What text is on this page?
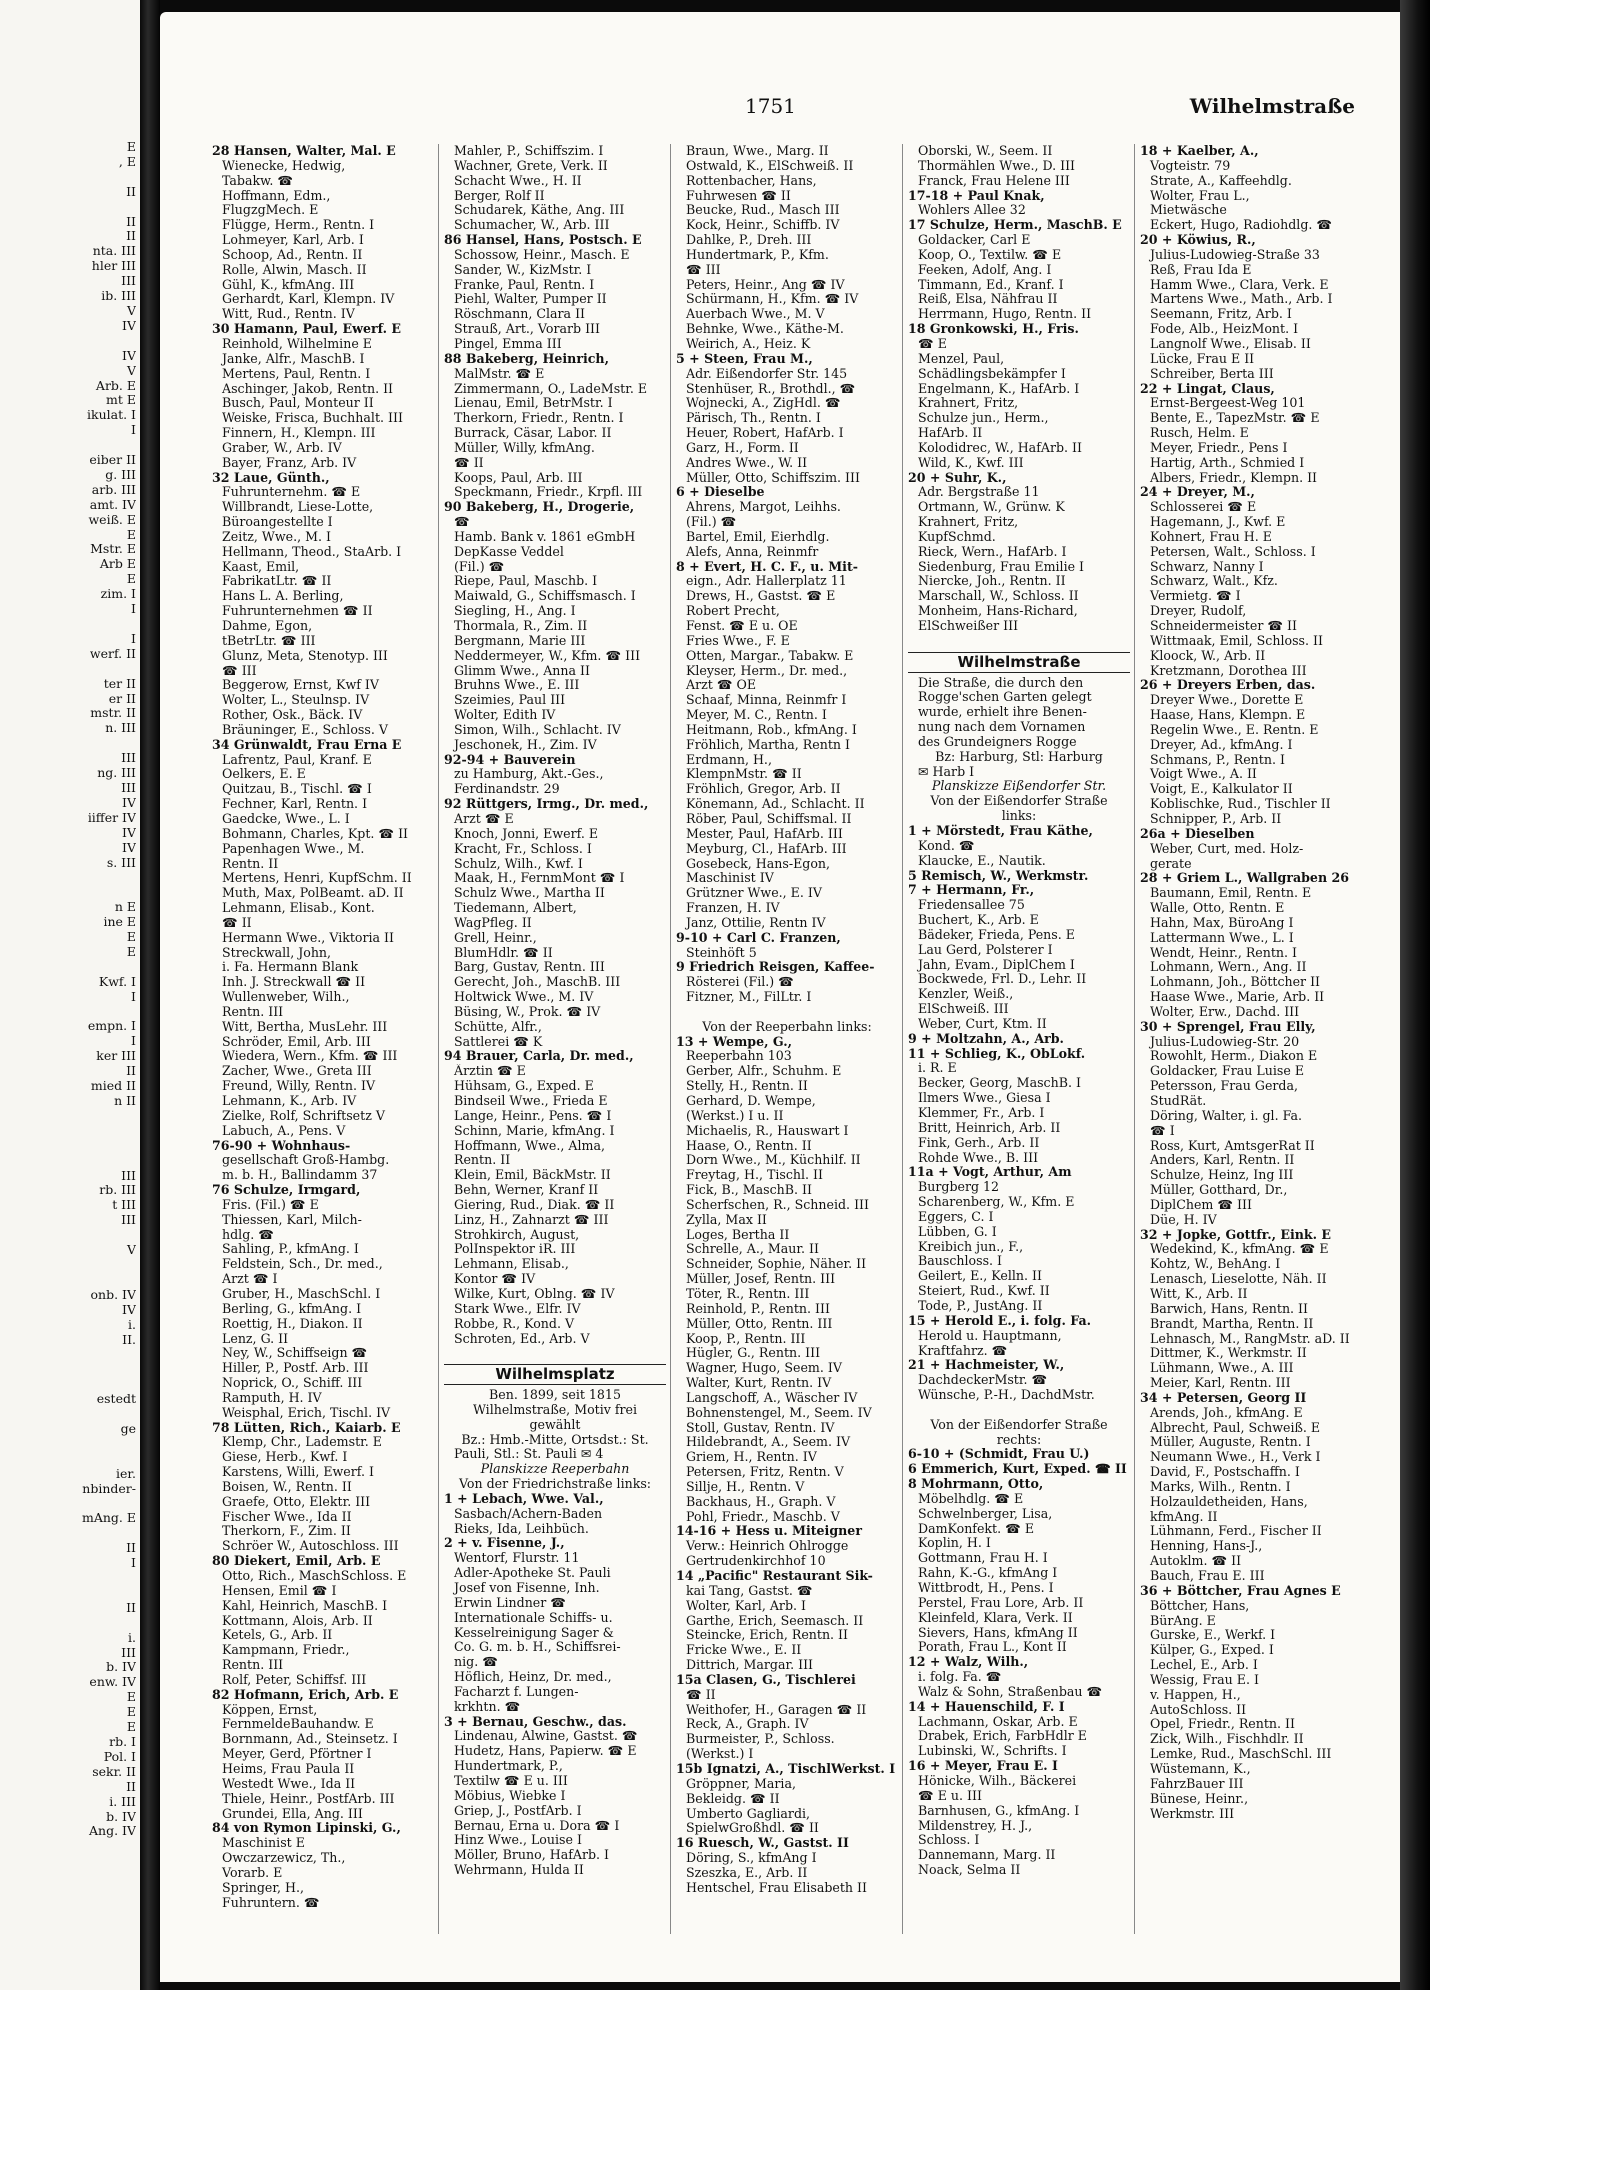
E
, E

II

II
II
nta. III
hler III
III
ib. III
V
IV

IV
V
Arb. E
mt E
ikulat. I
I

eiber II
g. III
arb. III
amt. IV
weiß. E
E
Mstr. E
Arb E
E
zim. I
I

I
werf. II

ter II
er II
mstr. II
n. III

III
ng. III
III
IV
iiffer IV
IV
IV
s. III

n E
ine E
E
E

Kwf. I
I

empn. I
I
ker III
II
mied II
n II

III
rb. III
t III
III

V

onb. IV
IV
i.
II.

estedt

ge

ier.
nbinder-

mAng. E

II
I

II

i.
III
b. IV
enw. IV
E
E
E
rb. I
Pol. I
sekr. II
II
i. III
b. IV
Ang. IV
1751	Wilhelmstraße
28 Hansen, Walter, Mal. E
Wienecke, Hedwig,
Tabakw. ☎
Hoffmann, Edm.,
FlugzgMech. E
Flügge, Herm., Rentn. I
Lohmeyer, Karl, Arb. I
Schoop, Ad., Rentn. II
Rolle, Alwin, Masch. II
Gühl, K., kfmAng. III
Gerhardt, Karl, Klempn. IV
Witt, Rud., Rentn. IV
30 Hamann, Paul, Ewerf. E
Reinhold, Wilhelmine E
Janke, Alfr., MaschB. I
Mertens, Paul, Rentn. I
Aschinger, Jakob, Rentn. II
Busch, Paul, Monteur II
Weiske, Frisca, Buchhalt. III
Finnern, H., Klempn. III
Graber, W., Arb. IV
Bayer, Franz, Arb. IV
32 Laue, Günth.,
Fuhrunternehm. ☎ E
Willbrandt, Liese-Lotte,
Büroangestellte I
Zeitz, Wwe., M. I
Hellmann, Theod., StaArb. I
Kaast, Emil,
FabrikatLtr. ☎ II
Hans L. A. Berling,
Fuhrunternehmen ☎ II
Dahme, Egon,
tBetrLtr. ☎ III
Glunz, Meta, Stenotyp. III
☎ III
Beggerow, Ernst, Kwf IV
Wolter, L., Steulnsp. IV
Rother, Osk., Bäck. IV
Bräuninger, E., Schloss. V
34 Grünwaldt, Frau Erna E
Lafrentz, Paul, Kranf. E
Oelkers, E. E
Quitzau, B., Tischl. ☎ I
Fechner, Karl, Rentn. I
Gaedcke, Wwe., L. I
Bohmann, Charles, Kpt. ☎ II
Papenhagen Wwe., M.
Rentn. II
Mertens, Henri, KupfSchm. II
Muth, Max, PolBeamt. aD. II
Lehmann, Elisab., Kont.
☎ II
Hermann Wwe., Viktoria II
Streckwall, John,
i. Fa. Hermann Blank
Inh. J. Streckwall ☎ II
Wullenweber, Wilh.,
Rentn. III
Witt, Bertha, MusLehr. III
Schröder, Emil, Arb. III
Wiedera, Wern., Kfm. ☎ III
Zacher, Wwe., Greta III
Freund, Willy, Rentn. IV
Lehmann, K., Arb. IV
Zielke, Rolf, Schriftsetz V
Labuch, A., Pens. V
76-90 + Wohnhaus-
gesellschaft Groß-Hambg.
m. b. H., Ballindamm 37
76 Schulze, Irmgard,
Fris. (Fil.) ☎ E
Thiessen, Karl, Milch-
hdlg. ☎
Sahling, P., kfmAng. I
Feldstein, Sch., Dr. med.,
Arzt ☎ I
Gruber, H., MaschSchl. I
Berling, G., kfmAng. I
Roettig, H., Diakon. II
Lenz, G. II
Ney, W., Schiffseign ☎
Hiller, P., Postf. Arb. III
Noprick, O., Schiff. III
Ramputh, H. IV
Weisphal, Erich, Tischl. IV
78 Lütten, Rich., Kaiarb. E
Klemp, Chr., Lademstr. E
Giese, Herb., Kwf. I
Karstens, Willi, Ewerf. I
Boisen, W., Rentn. II
Graefe, Otto, Elektr. III
Fischer Wwe., Ida II
Therkorn, F., Zim. II
Schröer W., Autoschloss. III
80 Diekert, Emil, Arb. E
Otto, Rich., MaschSchloss. E
Hensen, Emil ☎ I
Kahl, Heinrich, MaschB. I
Kottmann, Alois, Arb. II
Ketels, G., Arb. II
Kampmann, Friedr.,
Rentn. III
Rolf, Peter, Schiffsf. III
82 Hofmann, Erich, Arb. E
Köppen, Ernst,
FernmeldeBauhandw. E
Bornmann, Ad., Steinsetz. I
Meyer, Gerd, Pförtner I
Heims, Frau Paula II
Westedt Wwe., Ida II
Thiele, Heinr., PostfArb. III
Grundei, Ella, Ang. III
84 von Rymon Lipinski, G.,
Maschinist E
Owczarzewicz, Th.,
Vorarb. E
Springer, H.,
Fuhruntern. ☎
Mahler, P., Schiffszim. I
Wachner, Grete, Verk. II
Schacht Wwe., H. II
Berger, Rolf II
Schudarek, Käthe, Ang. III
Schumacher, W., Arb. III
86 Hansel, Hans, Postsch. E
Schossow, Heinr., Masch. E
Sander, W., KizMstr. I
Franke, Paul, Rentn. I
Piehl, Walter, Pumper II
Röschmann, Clara II
Strauß, Art., Vorarb III
Pingel, Emma III
88 Bakeberg, Heinrich,
MalMstr. ☎ E
Zimmermann, O., LadeMstr. E
Lienau, Emil, BetrMstr. I
Therkorn, Friedr., Rentn. I
Burrack, Cäsar, Labor. II
Müller, Willy, kfmAng.
☎ II
Koops, Paul, Arb. III
Speckmann, Friedr., Krpfl. III
90 Bakeberg, H., Drogerie,
☎
Hamb. Bank v. 1861 eGmbH
DepKasse Veddel
(Fil.) ☎
Riepe, Paul, Maschb. I
Maiwald, G., Schiffsmasch. I
Siegling, H., Ang. I
Thormala, R., Zim. II
Bergmann, Marie III
Neddermeyer, W., Kfm. ☎ III
Glimm Wwe., Anna II
Bruhns Wwe., E. III
Szeimies, Paul III
Wolter, Edith IV
Simon, Wilh., Schlacht. IV
Jeschonek, H., Zim. IV
92-94 + Bauverein
zu Hamburg, Akt.-Ges.,
Ferdinandstr. 29
92 Rüttgers, Irmg., Dr. med.,
Arzt ☎ E
Knoch, Jonni, Ewerf. E
Kracht, Fr., Schloss. I
Schulz, Wilh., Kwf. I
Maak, H., FernmMont ☎ I
Schulz Wwe., Martha II
Tiedemann, Albert,
WagPfleg. II
Grell, Heinr.,
BlumHdlr. ☎ II
Barg, Gustav, Rentn. III
Gerecht, Joh., MaschB. III
Holtwick Wwe., M. IV
Büsing, W., Prok. ☎ IV
Schütte, Alfr.,
Sattlerei ☎ K
94 Brauer, Carla, Dr. med.,
Ärztin ☎ E
Hühsam, G., Exped. E
Bindseil Wwe., Frieda E
Lange, Heinr., Pens. ☎ I
Schinn, Marie, kfmAng. I
Hoffmann, Wwe., Alma,
Rentn. II
Klein, Emil, BäckMstr. II
Behn, Werner, Kranf II
Giering, Rud., Diak. ☎ II
Linz, H., Zahnarzt ☎ III
Strohkirch, August,
PolInspektor iR. III
Lehmann, Elisab.,
Kontor ☎ IV
Wilke, Kurt, Oblng. ☎ IV
Stark Wwe., Elfr. IV
Robbe, R., Kond. V
Schroten, Ed., Arb. V

Wilhelmsplatz
Ben. 1899, seit 1815
Wilhelmstraße, Motiv frei
gewählt
Bz.: Hmb.-Mitte, Ortsdst.: St.
Pauli, Stl.: St. Pauli ✉ 4
Planskizze Reeperbahn
Von der Friedrichstraße links:
1 + Lebach, Wwe. Val.,
Sasbach/Achern-Baden
Rieks, Ida, Leihbüch.
2 + v. Fisenne, J.,
Wentorf, Flurstr. 11
Adler-Apotheke St. Pauli
Josef von Fisenne, Inh.
Erwin Lindner ☎
Internationale Schiffs- u.
Kesselreinigung Sager &
Co. G. m. b. H., Schiffsrei-
nig. ☎
Höflich, Heinz, Dr. med.,
Facharzt f. Lungen-
krkhtn. ☎
3 + Bernau, Geschw., das.
Lindenau, Alwine, Gastst. ☎
Hudetz, Hans, Papierw. ☎ E
Hundertmark, P.,
Textilw ☎ E u. III
Möbius, Wiebke I
Griep, J., PostfArb. I
Bernau, Erna u. Dora ☎ I
Hinz Wwe., Louise I
Möller, Bruno, HafArb. I
Wehrmann, Hulda II
Braun, Wwe., Marg. II
Ostwald, K., ElSchweiß. II
Rottenbacher, Hans,
Fuhrwesen ☎ II
Beucke, Rud., Masch III
Kock, Heinr., Schiffb. IV
Dahlke, P., Dreh. III
Hundertmark, P., Kfm.
☎ III
Peters, Heinr., Ang ☎ IV
Schürmann, H., Kfm. ☎ IV
Auerbach Wwe., M. V
Behnke, Wwe., Käthe-M.
Weirich, A., Heiz. K
5 + Steen, Frau M.,
Adr. Eißendorfer Str. 145
Stenhüser, R., Brothdl., ☎
Wojnecki, A., ZigHdl. ☎
Pärisch, Th., Rentn. I
Heuer, Robert, HafArb. I
Garz, H., Form. II
Andres Wwe., W. II
Müller, Otto, Schiffszim. III
6 + Dieselbe
Ahrens, Margot, Leihhs.
(Fil.) ☎
Bartel, Emil, Eierhdlg.
Alefs, Anna, Reinmfr
8 + Evert, H. C. F., u. Mit-
eign., Adr. Hallerplatz 11
Drews, H., Gastst. ☎ E
Robert Precht,
Fenst. ☎ E u. OE
Fries Wwe., F. E
Otten, Margar., Tabakw. E
Kleyser, Herm., Dr. med.,
Arzt ☎ OE
Schaaf, Minna, Reinmfr I
Meyer, M. C., Rentn. I
Heitmann, Rob., kfmAng. I
Fröhlich, Martha, Rentn I
Erdmann, H.,
KlempnMstr. ☎ II
Fröhlich, Gregor, Arb. II
Könemann, Ad., Schlacht. II
Röber, Paul, Schiffsmal. II
Mester, Paul, HafArb. III
Meyburg, Cl., HafArb. III
Gosebeck, Hans-Egon,
Maschinist IV
Grützner Wwe., E. IV
Franzen, H. IV
Janz, Ottilie, Rentn IV
9-10 + Carl C. Franzen,
Steinhöft 5
9 Friedrich Reisgen, Kaffee-
Rösterei (Fil.) ☎
Fitzner, M., FilLtr. I

Von der Reeperbahn links:
13 + Wempe, G.,
Reeperbahn 103
Gerber, Alfr., Schuhm. E
Stelly, H., Rentn. II
Gerhard, D. Wempe,
(Werkst.) I u. II
Michaelis, R., Hauswart I
Haase, O., Rentn. II
Dorn Wwe., M., Küchhilf. II
Freytag, H., Tischl. II
Fick, B., MaschB. II
Scherfschen, R., Schneid. III
Zylla, Max II
Loges, Bertha II
Schrelle, A., Maur. II
Schneider, Sophie, Näher. II
Müller, Josef, Rentn. III
Töter, R., Rentn. III
Reinhold, P., Rentn. III
Müller, Otto, Rentn. III
Koop, P., Rentn. III
Hügler, G., Rentn. III
Wagner, Hugo, Seem. IV
Walter, Kurt, Rentn. IV
Langschoff, A., Wäscher IV
Bohnenstengel, M., Seem. IV
Stoll, Gustav, Rentn. IV
Hildebrandt, A., Seem. IV
Griem, H., Rentn. IV
Petersen, Fritz, Rentn. V
Sillje, H., Rentn. V
Backhaus, H., Graph. V
Pohl, Friedr., Maschb. V
14-16 + Hess u. Miteigner
Verw.: Heinrich Ohlrogge
Gertrudenkirchhof 10
14 „Pacific" Restaurant Sik-
kai Tang, Gastst. ☎
Wolter, Karl, Arb. I
Garthe, Erich, Seemasch. II
Steincke, Erich, Rentn. II
Fricke Wwe., E. II
Dittrich, Margar. III
15a Clasen, G., Tischlerei
☎ II
Weithofer, H., Garagen ☎ II
Reck, A., Graph. IV
Burmeister, P., Schloss.
(Werkst.) I
15b Ignatzi, A., TischlWerkst. I
Gröppner, Maria,
Bekleidg. ☎ II
Umberto Gagliardi,
SpielwGroßhdl. ☎ II
16 Ruesch, W., Gastst. II
Döring, S., kfmAng I
Szeszka, E., Arb. II
Hentschel, Frau Elisabeth II
Oborski, W., Seem. II
Thormählen Wwe., D. III
Franck, Frau Helene III
17-18 + Paul Knak,
Wohlers Allee 32
17 Schulze, Herm., MaschB. E
Goldacker, Carl E
Koop, O., Textilw. ☎ E
Feeken, Adolf, Ang. I
Timmann, Ed., Kranf. I
Reiß, Elsa, Nähfrau II
Herrmann, Hugo, Rentn. II
18 Gronkowski, H., Fris.
☎ E
Menzel, Paul,
Schädlingsbekämpfer I
Engelmann, K., HafArb. I
Krahnert, Fritz,
Schulze jun., Herm.,
HafArb. II
Kolodidrec, W., HafArb. II
Wild, K., Kwf. III
20 + Suhr, K.,
Adr. Bergstraße 11
Ortmann, W., Grünw. K
Krahnert, Fritz,
KupfSchmd.
Rieck, Wern., HafArb. I
Siedenburg, Frau Emilie I
Niercke, Joh., Rentn. II
Marschall, W., Schloss. II
Monheim, Hans-Richard,
ElSchweißer III

Wilhelmstraße
Die Straße, die durch den
Rogge'schen Garten gelegt
wurde, erhielt ihre Benen-
nung nach dem Vornamen
des Grundeigners Rogge
Bz: Harburg, Stl: Harburg
✉ Harb I
Planskizze Eißendorfer Str.
Von der Eißendorfer Straße
links:
1 + Mörstedt, Frau Käthe,
Kond. ☎
Klaucke, E., Nautik.
5 Remisch, W., Werkmstr.
7 + Hermann, Fr.,
Friedensallee 75
Buchert, K., Arb. E
Bädeker, Frieda, Pens. E
Lau Gerd, Polsterer I
Jahn, Evam., DiplChem I
Bockwede, Frl. D., Lehr. II
Kenzler, Weiß.,
ElSchweiß. III
Weber, Curt, Ktm. II
9 + Moltzahn, A., Arb.
11 + Schlieg, K., ObLokf.
i. R. E
Becker, Georg, MaschB. I
Ilmers Wwe., Giesa I
Klemmer, Fr., Arb. I
Britt, Heinrich, Arb. II
Fink, Gerh., Arb. II
Rohde Wwe., B. III
11a + Vogt, Arthur, Am
Burgberg 12
Scharenberg, W., Kfm. E
Eggers, C. I
Lübben, G. I
Kreibich jun., F.,
Bauschloss. I
Geilert, E., Kelln. II
Steiert, Rud., Kwf. II
Tode, P., JustAng. II
15 + Herold E., i. folg. Fa.
Herold u. Hauptmann,
Kraftfahrz. ☎
21 + Hachmeister, W.,
DachdeckerMstr. ☎
Wünsche, P.-H., DachdMstr.

Von der Eißendorfer Straße
rechts:
6-10 + (Schmidt, Frau U.)
6 Emmerich, Kurt, Exped. ☎ II
8 Mohrmann, Otto,
Möbelhdlg. ☎ E
Schwelnberger, Lisa,
DamKonfekt. ☎ E
Koplin, H. I
Gottmann, Frau H. I
Rahn, K.-G., kfmAng I
Wittbrodt, H., Pens. I
Perstel, Frau Lore, Arb. II
Kleinfeld, Klara, Verk. II
Sievers, Hans, kfmAng II
Porath, Frau L., Kont II
12 + Walz, Wilh.,
i. folg. Fa. ☎
Walz & Sohn, Straßenbau ☎
14 + Hauenschild, F. I
Lachmann, Oskar, Arb. E
Drabek, Erich, FarbHdlr E
Lubinski, W., Schrifts. I
16 + Meyer, Frau E. I
Hönicke, Wilh., Bäckerei
☎ E u. III
Barnhusen, G., kfmAng. I
Mildenstrey, H. J.,
Schloss. I
Dannemann, Marg. II
Noack, Selma II
18 + Kaelber, A.,
Vogteistr. 79
Strate, A., Kaffeehdlg.
Wolter, Frau L.,
Mietwäsche
Eckert, Hugo, Radiohdlg. ☎
20 + Köwius, R.,
Julius-Ludowieg-Straße 33
Reß, Frau Ida E
Hamm Wwe., Clara, Verk. E
Martens Wwe., Math., Arb. I
Seemann, Fritz, Arb. I
Fode, Alb., HeizMont. I
Langnolf Wwe., Elisab. II
Lücke, Frau E II
Schreiber, Berta III
22 + Lingat, Claus,
Ernst-Bergeest-Weg 101
Bente, E., TapezMstr. ☎ E
Rusch, Helm. E
Meyer, Friedr., Pens I
Hartig, Arth., Schmied I
Albers, Friedr., Klempn. II
24 + Dreyer, M.,
Schlosserei ☎ E
Hagemann, J., Kwf. E
Kohnert, Frau H. E
Petersen, Walt., Schloss. I
Schwarz, Nanny I
Schwarz, Walt., Kfz.
Vermietg. ☎ I
Dreyer, Rudolf,
Schneidermeister ☎ II
Wittmaak, Emil, Schloss. II
Kloock, W., Arb. II
Kretzmann, Dorothea III
26 + Dreyers Erben, das.
Dreyer Wwe., Dorette E
Haase, Hans, Klempn. E
Regelin Wwe., E. Rentn. E
Dreyer, Ad., kfmAng. I
Schmans, P., Rentn. I
Voigt Wwe., A. II
Voigt, E., Kalkulator II
Koblischke, Rud., Tischler II
Schnipper, P., Arb. II
26a + Dieselben
Weber, Curt, med. Holz-
gerate
28 + Griem L., Wallgraben 26
Baumann, Emil, Rentn. E
Walle, Otto, Rentn. E
Hahn, Max, BüroAng I
Lattermann Wwe., L. I
Wendt, Heinr., Rentn. I
Lohmann, Wern., Ang. II
Lohmann, Joh., Böttcher II
Haase Wwe., Marie, Arb. II
Wolter, Erw., Dachd. III
30 + Sprengel, Frau Elly,
Julius-Ludowieg-Str. 20
Rowohlt, Herm., Diakon E
Goldacker, Frau Luise E
Petersson, Frau Gerda,
StudRät.
Döring, Walter, i. gl. Fa.
☎ I
Ross, Kurt, AmtsgerRat II
Anders, Karl, Rentn. II
Schulze, Heinz, Ing III
Müller, Gotthard, Dr.,
DiplChem ☎ III
Düe, H. IV
32 + Jopke, Gottfr., Eink. E
Wedekind, K., kfmAng. ☎ E
Kohtz, W., BehAng. I
Lenasch, Lieselotte, Näh. II
Witt, K., Arb. II
Barwich, Hans, Rentn. II
Brandt, Martha, Rentn. II
Lehnasch, M., RangMstr. aD. II
Dittmer, K., Werkmstr. II
Lühmann, Wwe., A. III
Meier, Karl, Rentn. III
34 + Petersen, Georg II
Arends, Joh., kfmAng. E
Albrecht, Paul, Schweiß. E
Müller, Auguste, Rentn. I
Neumann Wwe., H., Verk I
David, F., Postschaffn. I
Marks, Wilh., Rentn. I
Holzauldetheiden, Hans,
kfmAng. II
Lühmann, Ferd., Fischer II
Henning, Hans-J.,
Autoklm. ☎ II
Bauch, Frau E. III
36 + Böttcher, Frau Agnes E
Böttcher, Hans,
BürAng. E
Gurske, E., Werkf. I
Külper, G., Exped. I
Lechel, E., Arb. I
Wessig, Frau E. I
v. Happen, H.,
AutoSchloss. II
Opel, Friedr., Rentn. II
Zick, Wilh., Fischhdlr. II
Lemke, Rud., MaschSchl. III
Wüstemann, K.,
FahrzBauer III
Bünese, Heinr.,
Werkmstr. III
